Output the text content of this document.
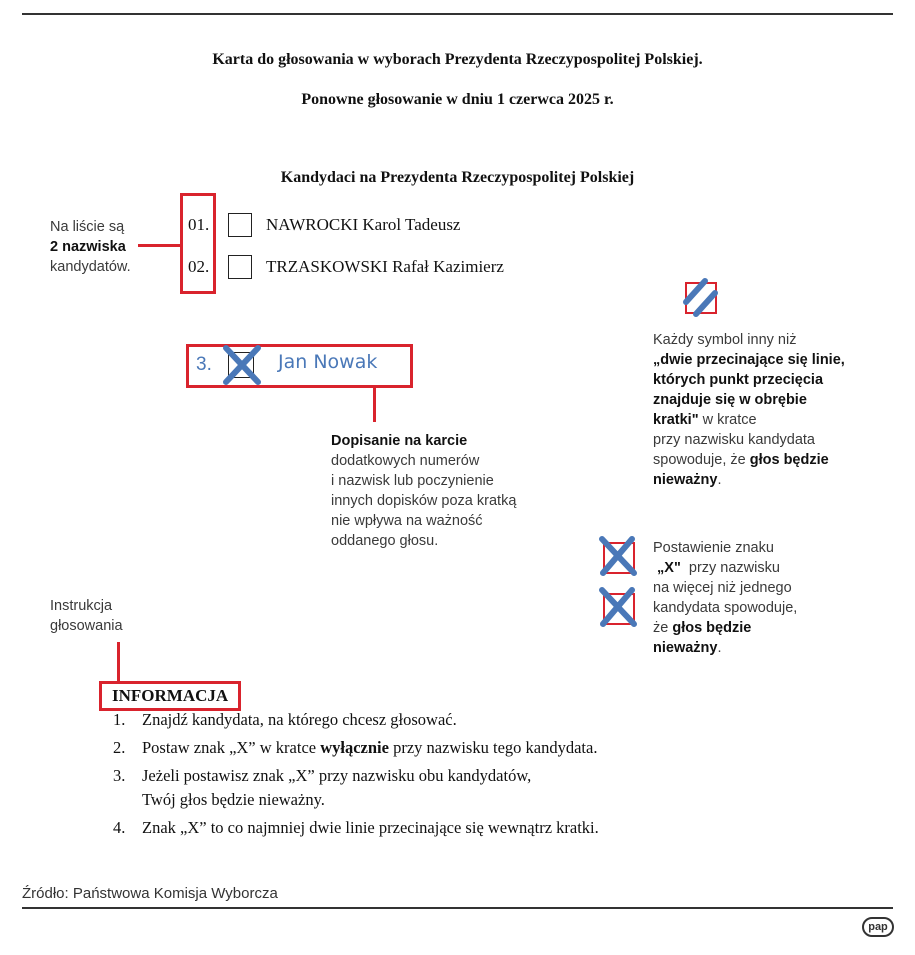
Karta do głosowania w wyborach Prezydenta Rzeczypospolitej Polskiej.
Ponowne głosowanie w dniu 1 czerwca 2025 r.
Kandydaci na Prezydenta Rzeczypospolitej Polskiej
Na liście są
2 nazwiska
kandydatów.
01.	NAWROCKI Karol Tadeusz
02.	TRZASKOWSKI Rafał Kazimierz
3.	Jan Nowak
Dopisanie na karcie
dodatkowych numerów
i nazwisk lub poczynienie
innych dopisków poza kratką
nie wpływa na ważność
oddanego głosu.
Każdy symbol inny niż
„dwie przecinające się linie,
których punkt przecięcia
znajduje się w obrębie
kratki" w kratce
przy nazwisku kandydata
spowoduje, że głos będzie
nieważny.
Postawienie znaku
„X"  przy nazwisku
na więcej niż jednego
kandydata spowoduje,
że głos będzie
nieważny.
Instrukcja
głosowania
INFORMACJA
1. Znajdź kandydata, na którego chcesz głosować.
2. Postaw znak „X” w kratce wyłącznie przy nazwisku tego kandydata.
3. Jeżeli postawisz znak „X” przy nazwisku obu kandydatów,
Twój głos będzie nieważny.
4. Znak „X” to co najmniej dwie linie przecinające się wewnątrz kratki.
Źródło: Państwowa Komisja Wyborcza
pap
